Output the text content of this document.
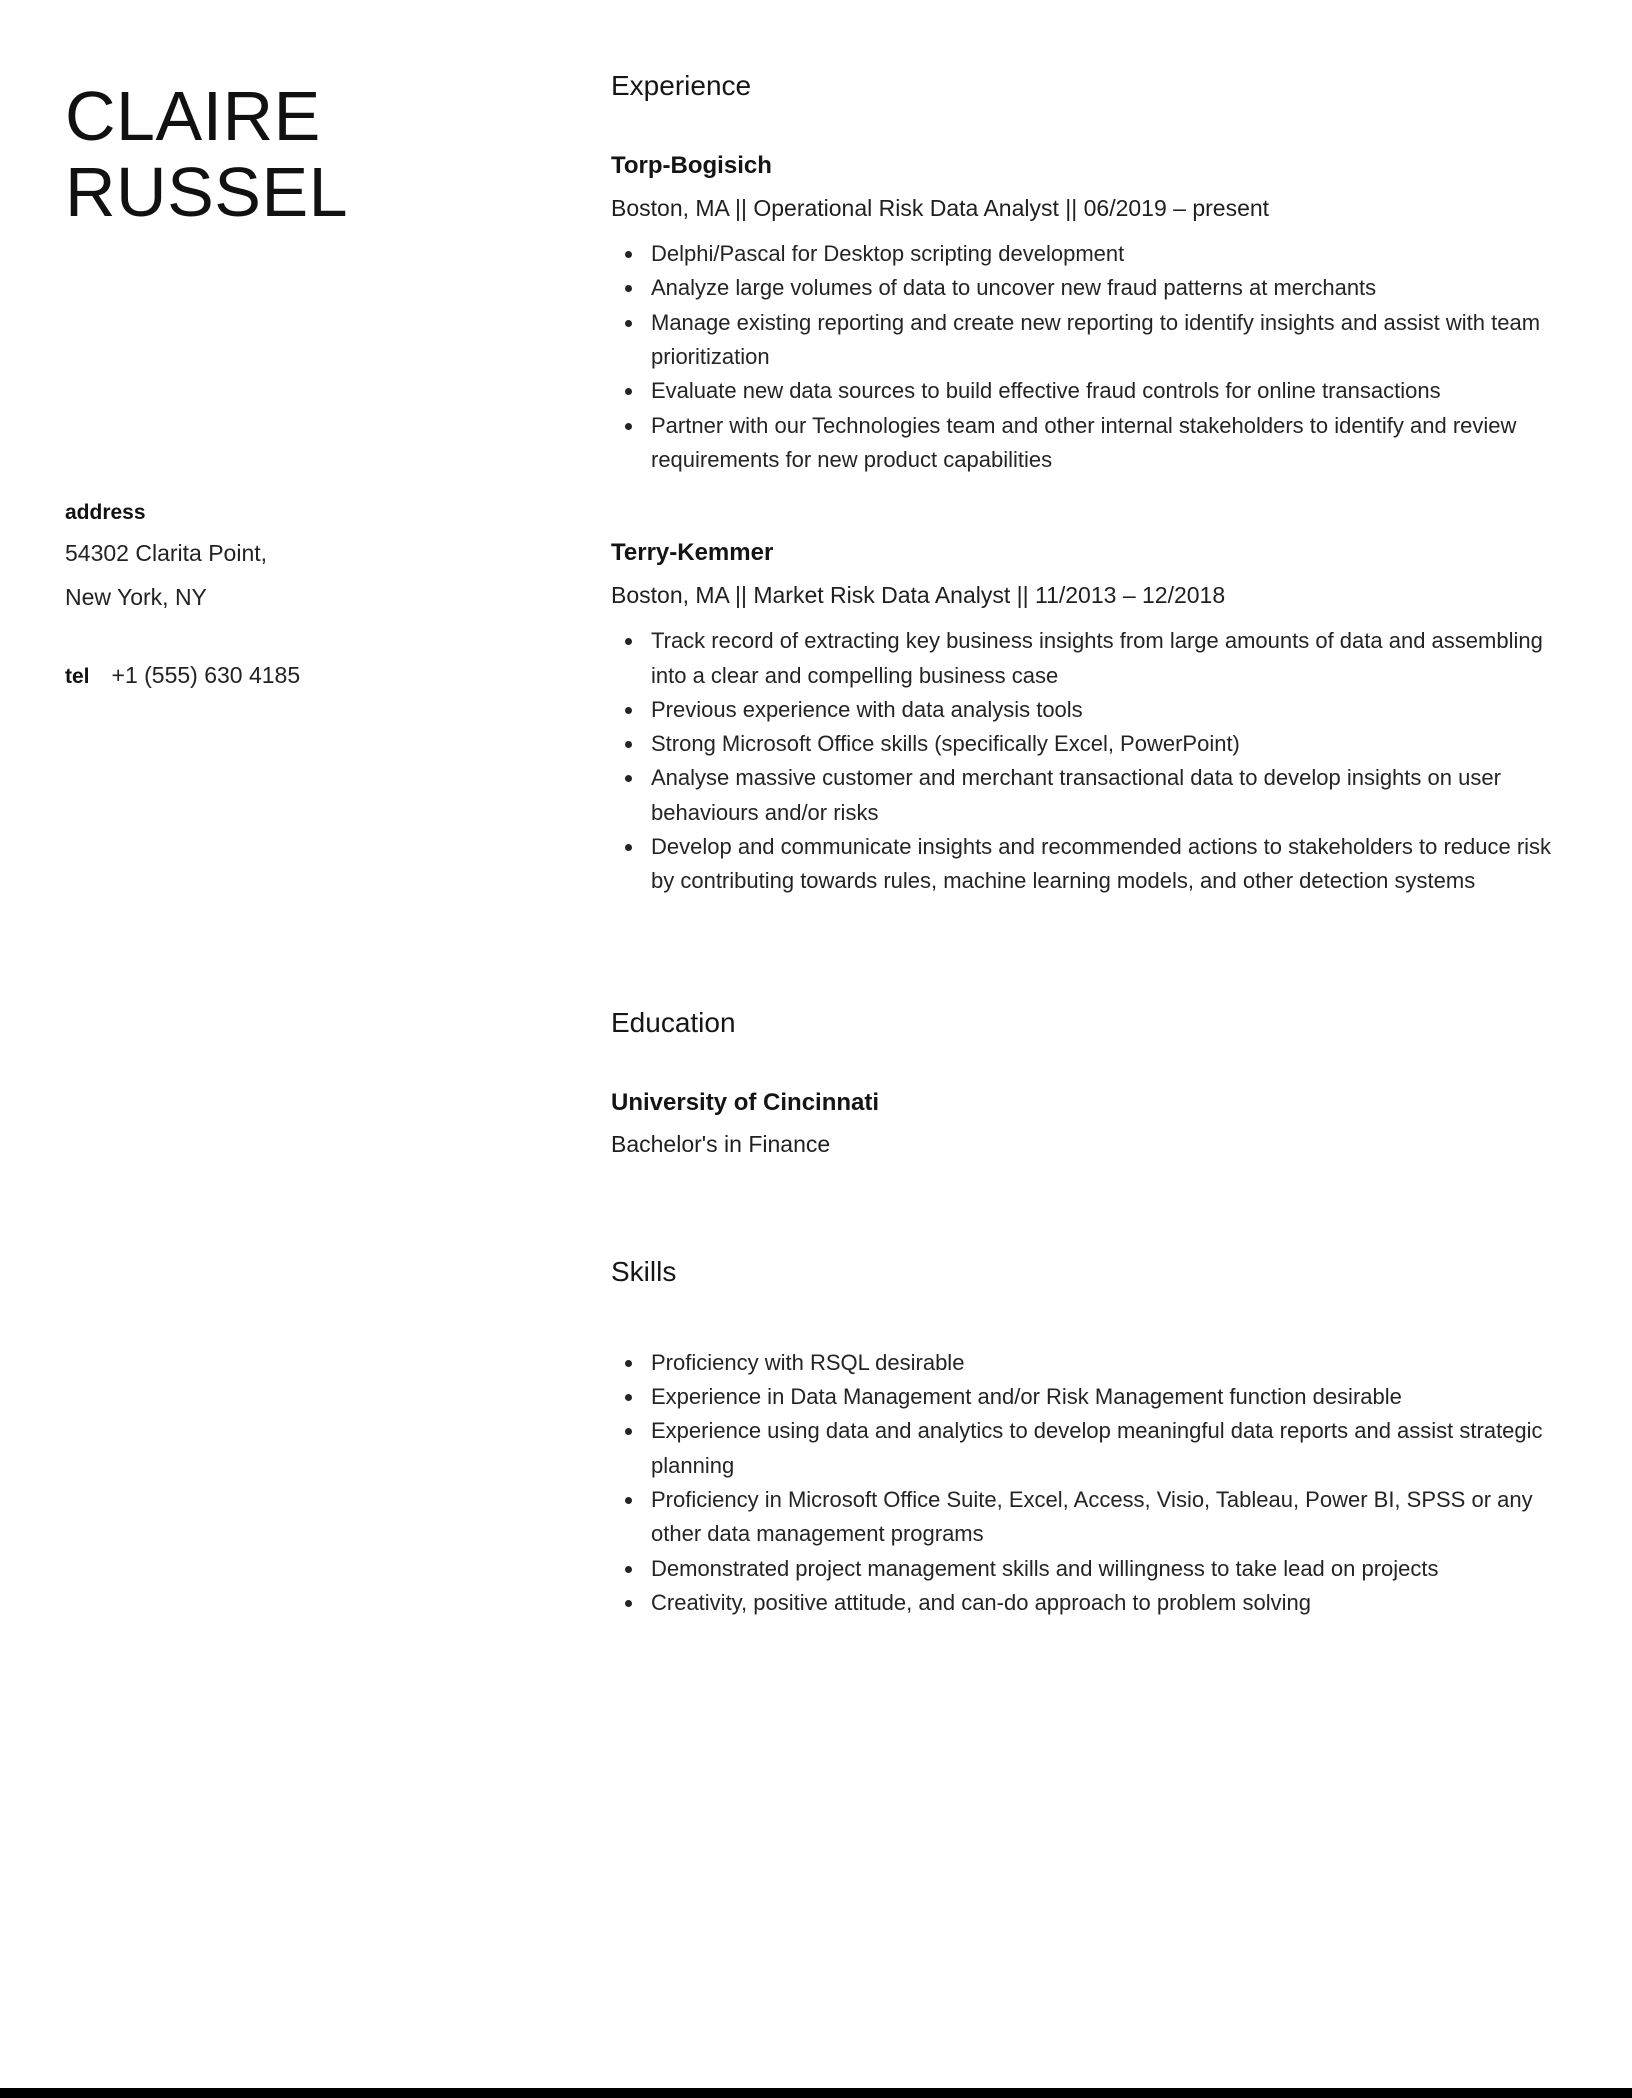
CLAIRE
RUSSEL
address
54302 Clarita Point,
New York, NY
tel +1 (555) 630 4185
Experience
Torp-Bogisich
Boston, MA || Operational Risk Data Analyst || 06/2019 – present
• Delphi/Pascal for Desktop scripting development
• Analyze large volumes of data to uncover new fraud patterns at merchants
• Manage existing reporting and create new reporting to identify insights and assist with team prioritization
• Evaluate new data sources to build effective fraud controls for online transactions
• Partner with our Technologies team and other internal stakeholders to identify and review requirements for new product capabilities
Terry-Kemmer
Boston, MA || Market Risk Data Analyst || 11/2013 – 12/2018
• Track record of extracting key business insights from large amounts of data and assembling into a clear and compelling business case
• Previous experience with data analysis tools
• Strong Microsoft Office skills (specifically Excel, PowerPoint)
• Analyse massive customer and merchant transactional data to develop insights on user behaviours and/or risks
• Develop and communicate insights and recommended actions to stakeholders to reduce risk by contributing towards rules, machine learning models, and other detection systems
Education
University of Cincinnati
Bachelor's in Finance
Skills
• Proficiency with RSQL desirable
• Experience in Data Management and/or Risk Management function desirable
• Experience using data and analytics to develop meaningful data reports and assist strategic planning
• Proficiency in Microsoft Office Suite, Excel, Access, Visio, Tableau, Power BI, SPSS or any other data management programs
• Demonstrated project management skills and willingness to take lead on projects
• Creativity, positive attitude, and can-do approach to problem solving
